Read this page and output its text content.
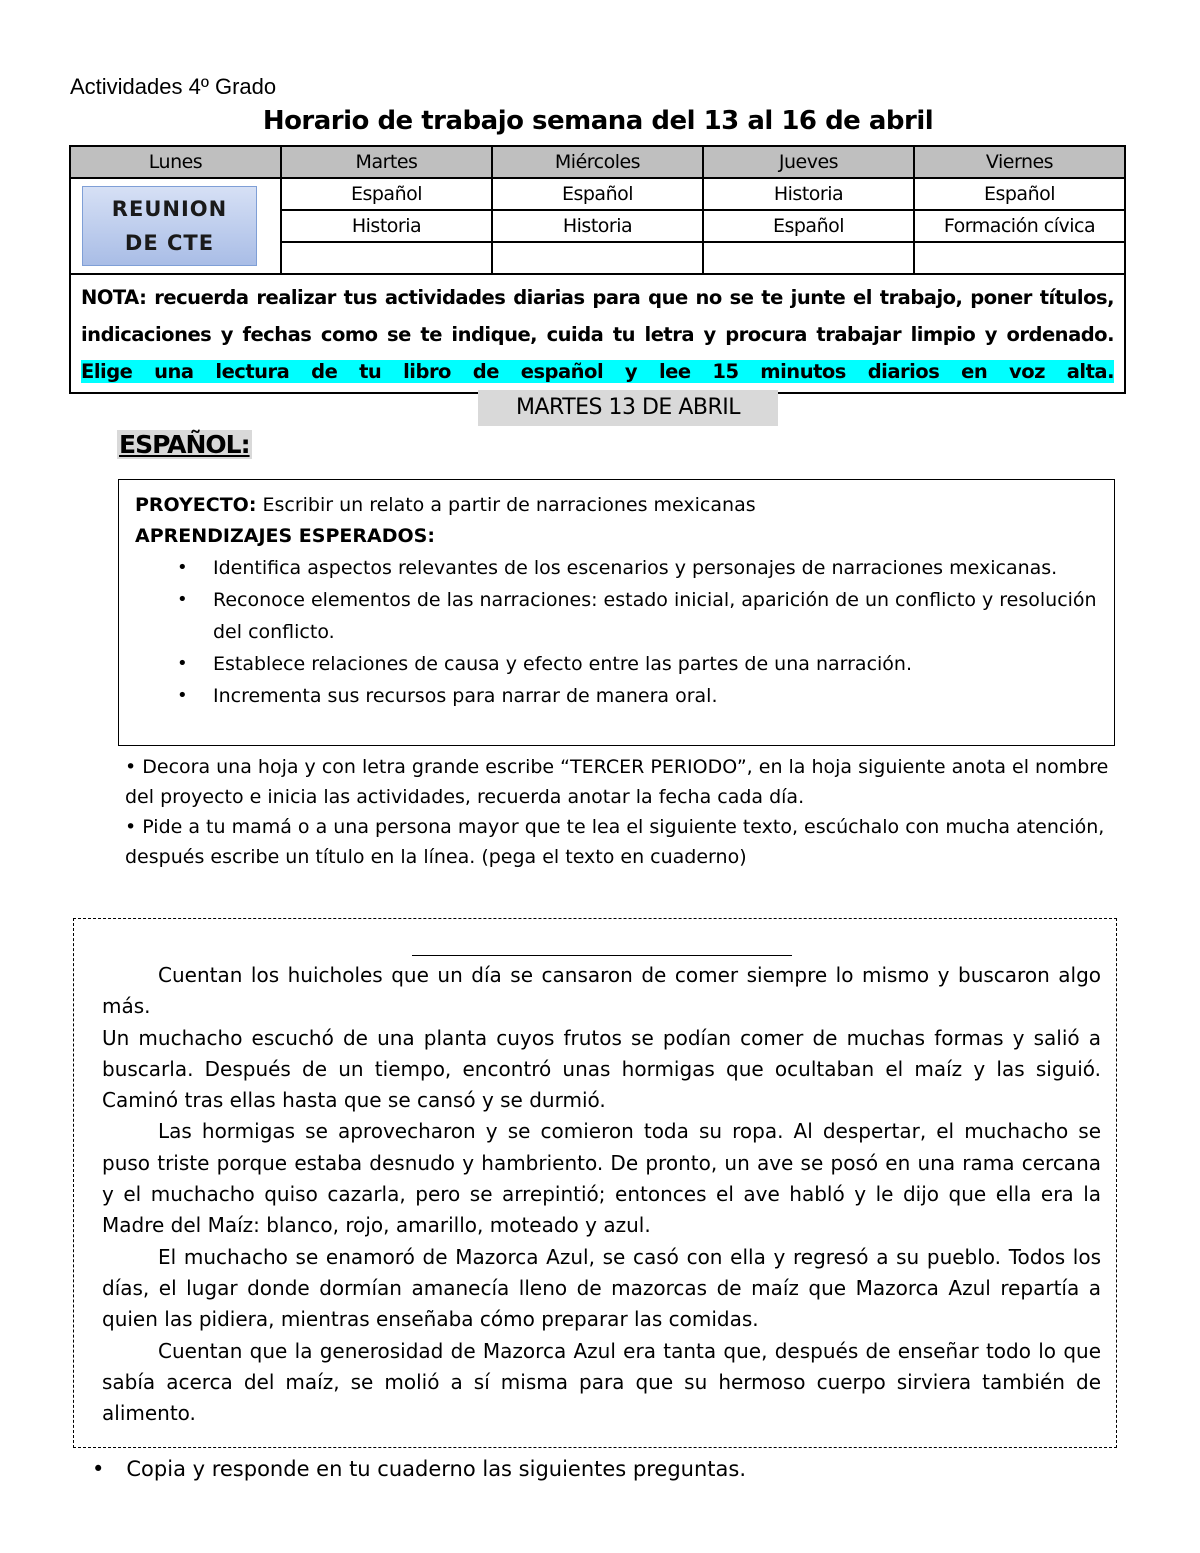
Actividades 4º Grado
Horario de trabajo semana del 13 al 16 de abril
Lunes	Martes	Miércoles	Jueves	Viernes
	Español	Español	Historia	Español
	Historia	Historia	Español	Formación cívica

NOTA: recuerda realizar tus actividades diarias para que no se te junte el trabajo, poner títulos, indicaciones y fechas como se te indique, cuida tu letra y procura trabajar limpio y ordenado. Elige una lectura de tu libro de español y lee 15 minutos diarios en voz alta.				
REUNION
DE CTE
MARTES 13 DE ABRIL
ESPAÑOL:
PROYECTO: Escribir un relato a partir de narraciones mexicanas
APRENDIZAJES ESPERADOS:
• Identifica aspectos relevantes de los escenarios y personajes de narraciones mexicanas.
• Reconoce elementos de las narraciones: estado inicial, aparición de un conflicto y resolución del conflicto.
• Establece relaciones de causa y efecto entre las partes de una narración.
• Incrementa sus recursos para narrar de manera oral.
• Decora una hoja y con letra grande escribe “TERCER PERIODO”, en la hoja siguiente anota el nombre del proyecto e inicia las actividades, recuerda anotar la fecha cada día.
• Pide a tu mamá o a una persona mayor que te lea el siguiente texto, escúchalo con mucha atención, después escribe un título en la línea. (pega el texto en cuaderno)

Cuentan los huicholes que un día se cansaron de comer siempre lo mismo y buscaron algo más.

Un muchacho escuchó de una planta cuyos frutos se podían comer de muchas formas y salió a buscarla. Después de un tiempo, encontró unas hormigas que ocultaban el maíz y las siguió. Caminó tras ellas hasta que se cansó y se durmió.

Las hormigas se aprovecharon y se comieron toda su ropa. Al despertar, el muchacho se puso triste porque estaba desnudo y hambriento. De pronto, un ave se posó en una rama cercana y el muchacho quiso cazarla, pero se arrepintió; entonces el ave habló y le dijo que ella era la Madre del Maíz: blanco, rojo, amarillo, moteado y azul.

El muchacho se enamoró de Mazorca Azul, se casó con ella y regresó a su pueblo. Todos los días, el lugar donde dormían amanecía lleno de mazorcas de maíz que Mazorca Azul repartía a quien las pidiera, mientras enseñaba cómo preparar las comidas.

Cuentan que la generosidad de Mazorca Azul era tanta que, después de enseñar todo lo que sabía acerca del maíz, se molió a sí misma para que su hermoso cuerpo sirviera también de alimento.

• Copia y responde en tu cuaderno las siguientes preguntas.
